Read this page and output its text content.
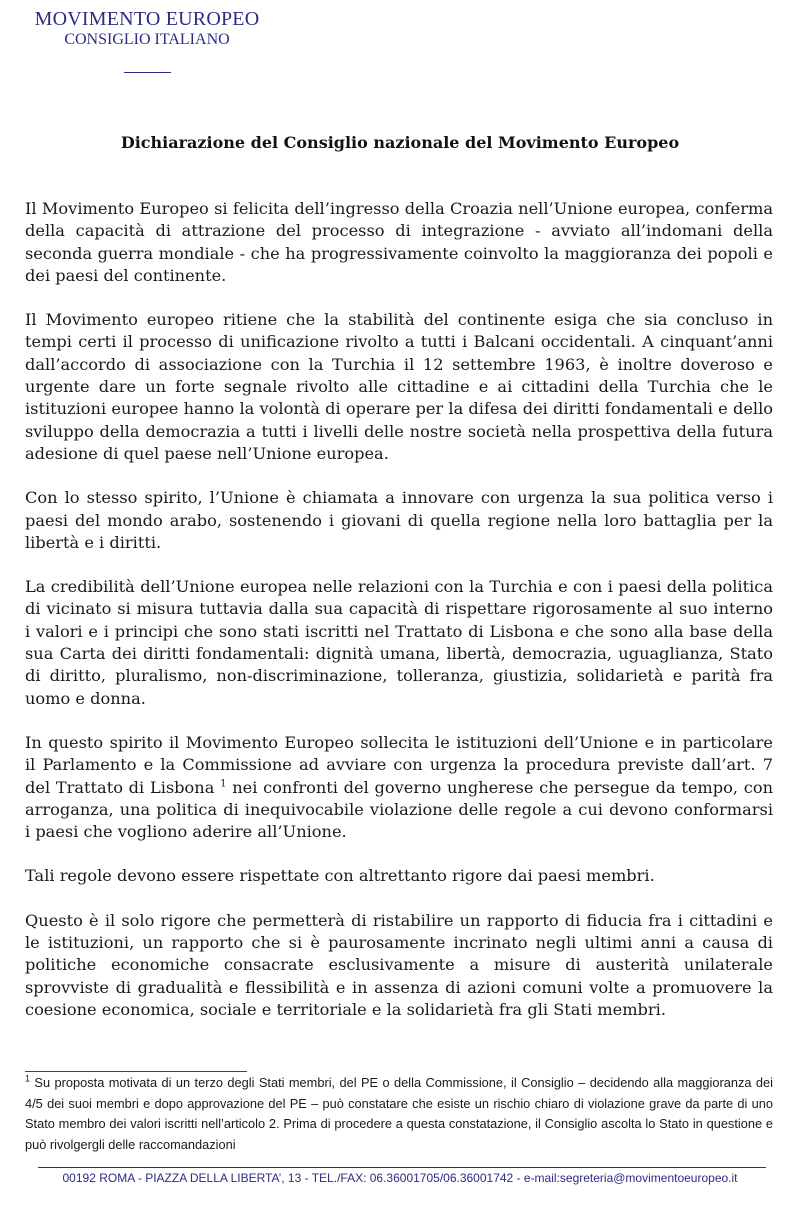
MOVIMENTO EUROPEO

CONSIGLIO ITALIANO

Dichiarazione del Consiglio nazionale del Movimento Europeo

Il Movimento Europeo si felicita dell’ingresso della Croazia nell’Unione europea, conferma della capacità di attrazione del processo di integrazione - avviato all’indomani della seconda guerra mondiale - che ha progressivamente coinvolto la maggioranza dei popoli e dei paesi del continente.

Il Movimento europeo ritiene che la stabilità del continente esiga che sia concluso in tempi certi il processo di unificazione rivolto a tutti i Balcani occidentali. A cinquant’anni dall’accordo di associazione con la Turchia il 12 settembre 1963, è inoltre doveroso e urgente dare un forte segnale rivolto alle cittadine e ai cittadini della Turchia che le istituzioni europee hanno la volontà di operare per la difesa dei diritti fondamentali e dello sviluppo della democrazia a tutti i livelli delle nostre società nella prospettiva della futura adesione di quel paese nell’Unione europea.

Con lo stesso spirito, l’Unione è chiamata a innovare con urgenza la sua politica verso i paesi del mondo arabo, sostenendo i giovani di quella regione nella loro battaglia per la libertà e i diritti.

La credibilità dell’Unione europea nelle relazioni con la Turchia e con i paesi della politica di vicinato si misura tuttavia dalla sua capacità di rispettare rigorosamente al suo interno i valori e i principi che sono stati iscritti nel Trattato di Lisbona e che sono alla base della sua Carta dei diritti fondamentali: dignità umana, libertà, democrazia, uguaglianza, Stato di diritto, pluralismo, non-discriminazione, tolleranza, giustizia, solidarietà e parità fra uomo e donna.

In questo spirito il Movimento Europeo sollecita le istituzioni dell’Unione e in particolare il Parlamento e la Commissione ad avviare con urgenza la procedura previste dall’art. 7 del Trattato di Lisbona $^1$ nei confronti del governo ungherese che persegue da tempo, con arroganza, una politica di inequivocabile violazione delle regole a cui devono conformarsi i paesi che vogliono aderire all’Unione.

Tali regole devono essere rispettate con altrettanto rigore dai paesi membri.

Questo è il solo rigore che permetterà di ristabilire un rapporto di fiducia fra i cittadini e le istituzioni, un rapporto che si è paurosamente incrinato negli ultimi anni a causa di politiche economiche consacrate esclusivamente a misure di austerità unilaterale sprovviste di gradualità e flessibilità e in assenza di azioni comuni volte a promuovere la coesione economica, sociale e territoriale e la solidarietà fra gli Stati membri.

$^1$ Su proposta motivata di un terzo degli Stati membri, del PE o della Commissione, il Consiglio – decidendo alla maggioranza dei 4/5 dei suoi membri e dopo approvazione del PE – può constatare che esiste un rischio chiaro di violazione grave da parte di uno Stato membro dei valori iscritti nell’articolo 2. Prima di procedere a questa constatazione, il Consiglio ascolta lo Stato in questione e può rivolgergli delle raccomandazioni
00192 ROMA - PIAZZA DELLA LIBERTA’, 13 - TEL./FAX: 06.36001705/06.36001742 - e-mail:segreteria@movimentoeuropeo.it
